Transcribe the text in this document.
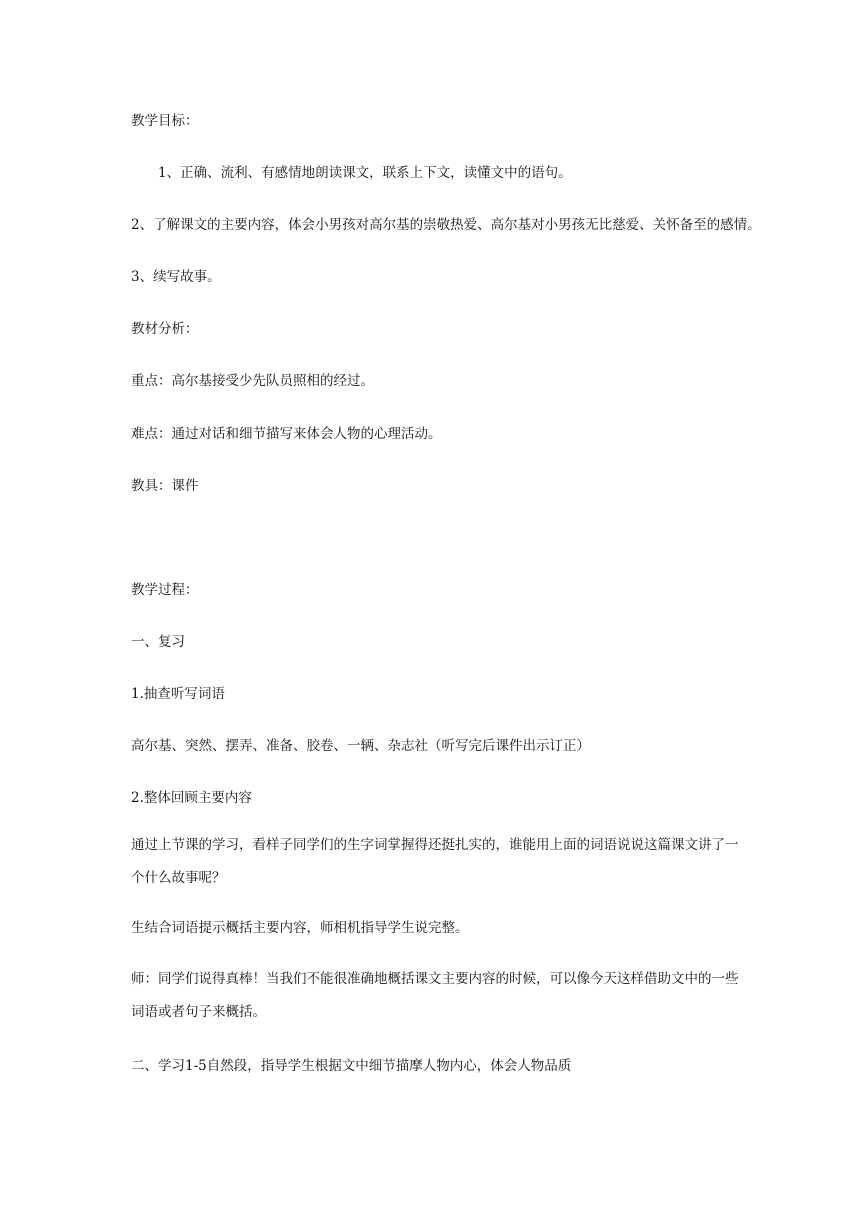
教学目标：
1、正确、流利、有感情地朗读课文，联系上下文，读懂文中的语句。
2、了解课文的主要内容，体会小男孩对高尔基的崇敬热爱、高尔基对小男孩无比慈爱、关怀备至的感情。
3、续写故事。
教材分析：
重点：高尔基接受少先队员照相的经过。
难点：通过对话和细节描写来体会人物的心理活动。
教具：课件
教学过程：
一、复习
1.抽查听写词语
高尔基、突然、摆弄、准备、胶卷、一辆、杂志社（听写完后课件出示订正）
2.整体回顾主要内容
通过上节课的学习，看样子同学们的生字词掌握得还挺扎实的，谁能用上面的词语说说这篇课文讲了一个什么故事呢？
生结合词语提示概括主要内容，师相机指导学生说完整。
师：同学们说得真棒！当我们不能很准确地概括课文主要内容的时候，可以像今天这样借助文中的一些词语或者句子来概括。
二、学习1-5自然段，指导学生根据文中细节描摩人物内心，体会人物品质
